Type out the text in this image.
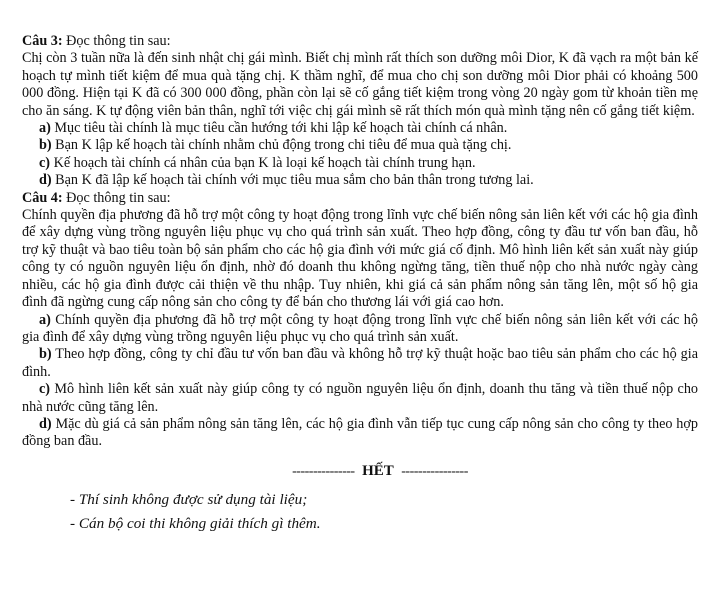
Câu 3: Đọc thông tin sau:

Chị còn 3 tuần nữa là đến sinh nhật chị gái mình. Biết chị mình rất thích son dưỡng môi Dior, K đã vạch ra một bản kế hoạch tự mình tiết kiệm để mua quà tặng chị. K thầm nghĩ, để mua cho chị son dưỡng môi Dior phải có khoảng 500 000 đồng. Hiện tại K đã có 300 000 đồng, phần còn lại sẽ cố gắng tiết kiệm trong vòng 20 ngày gom từ khoản tiền mẹ cho ăn sáng. K tự động viên bản thân, nghĩ tới việc chị gái mình sẽ rất thích món quà mình tặng nên cố gắng tiết kiệm.

a) Mục tiêu tài chính là mục tiêu cần hướng tới khi lập kế hoạch tài chính cá nhân.

b) Bạn K lập kế hoạch tài chính nhằm chủ động trong chi tiêu để mua quà tặng chị.

c) Kế hoạch tài chính cá nhân của bạn K là loại kế hoạch tài chính trung hạn.

d) Bạn K đã lập kế hoạch tài chính với mục tiêu mua sắm cho bản thân trong tương lai.

Câu 4: Đọc thông tin sau:

Chính quyền địa phương đã hỗ trợ một công ty hoạt động trong lĩnh vực chế biến nông sản liên kết với các hộ gia đình để xây dựng vùng trồng nguyên liệu phục vụ cho quá trình sản xuất. Theo hợp đồng, công ty đầu tư vốn ban đầu, hỗ trợ kỹ thuật và bao tiêu toàn bộ sản phẩm cho các hộ gia đình với mức giá cố định. Mô hình liên kết sản xuất này giúp công ty có nguồn nguyên liệu ổn định, nhờ đó doanh thu không ngừng tăng, tiền thuế nộp cho nhà nước ngày càng nhiều, các hộ gia đình được cải thiện về thu nhập. Tuy nhiên, khi giá cả sản phẩm nông sản tăng lên, một số hộ gia đình đã ngừng cung cấp nông sản cho công ty để bán cho thương lái với giá cao hơn.

a) Chính quyền địa phương đã hỗ trợ một công ty hoạt động trong lĩnh vực chế biến nông sản liên kết với các hộ gia đình để xây dựng vùng trồng nguyên liệu phục vụ cho quá trình sản xuất.

b) Theo hợp đồng, công ty chỉ đầu tư vốn ban đầu và không hỗ trợ kỹ thuật hoặc bao tiêu sản phẩm cho các hộ gia đình.

c) Mô hình liên kết sản xuất này giúp công ty có nguồn nguyên liệu ổn định, doanh thu tăng và tiền thuế nộp cho nhà nước cũng tăng lên.

d) Mặc dù giá cả sản phẩm nông sản tăng lên, các hộ gia đình vẫn tiếp tục cung cấp nông sản cho công ty theo hợp đồng ban đầu.

--------------- HẾT ----------------

- Thí sinh không được sử dụng tài liệu;

- Cán bộ coi thi không giải thích gì thêm.
